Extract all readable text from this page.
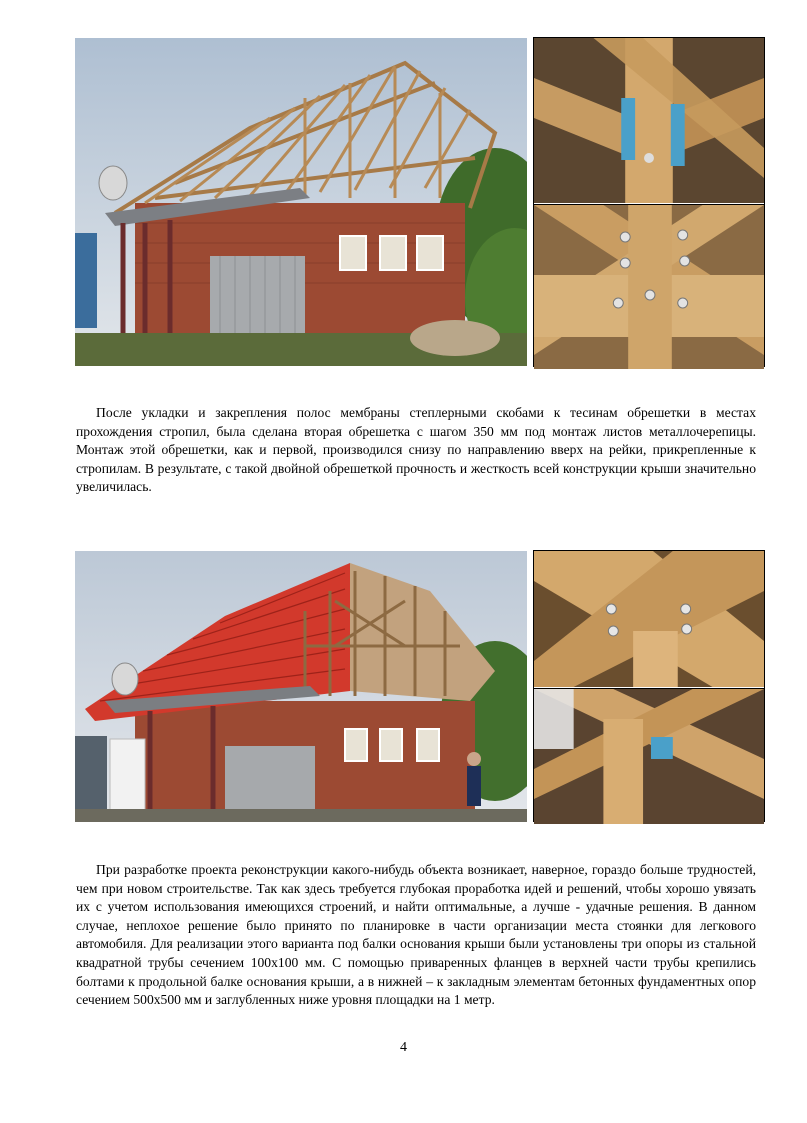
После укладки и закрепления полос мембраны степлерными скобами к тесинам обрешетки в местах прохождения стропил, была сделана вторая обрешетка с шагом 350 мм под монтаж листов металлочерепицы. Монтаж этой обрешетки, как и первой, производился снизу по направлению вверх на рейки, прикрепленные к стропилам. В результате, с такой двойной обрешеткой прочность и жесткость всей конструкции крыши значительно увеличилась.

При разработке проекта реконструкции какого-нибудь объекта возникает, наверное, гораздо больше трудностей, чем при новом строительстве. Так как здесь требуется глубокая проработка идей и решений, чтобы хорошо увязать их с учетом использования имеющихся строений, и найти оптимальные, а лучше - удачные решения. В данном случае, неплохое решение было принято по планировке в части организации места стоянки для легкового автомобиля. Для реализации этого варианта под балки основания крыши были установлены три опоры из стальной квадратной трубы сечением 100х100 мм. С помощью приваренных фланцев в верхней части трубы крепились болтами к продольной балке основания крыши, а в нижней – к закладным элементам бетонных фундаментных опор сечением 500х500 мм и заглубленных ниже уровня площадки на 1 метр.

4
